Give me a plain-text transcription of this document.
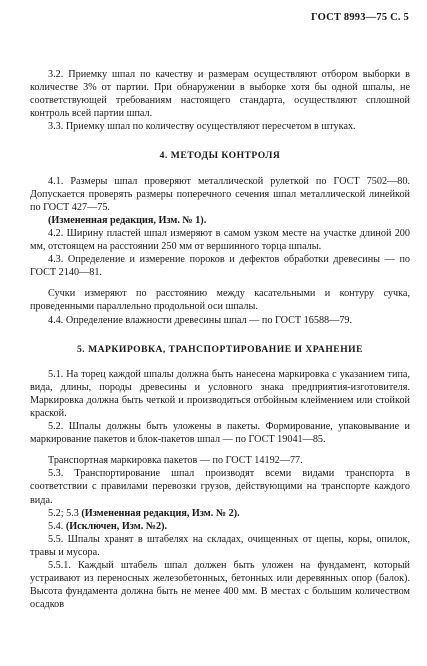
ГОСТ 8993—75 С. 5

3.2. Приемку шпал по качеству и размерам осуществляют отбором выборки в количестве 3% от партии. При обнаружении в выборке хотя бы одной шпалы, не соответствующей требованиям настоящего стандарта, осуществляют сплошной контроль всей партии шпал.

3.3. Приемку шпал по количеству осуществляют пересчетом в штуках.

4. МЕТОДЫ КОНТРОЛЯ

4.1. Размеры шпал проверяют металлической рулеткой по ГОСТ 7502—80. Допускается проверять размеры поперечного сечения шпал металлической линейкой по ГОСТ 427—75.

(Измененная редакция, Изм. № 1).

4.2. Ширину пластей шпал измеряют в самом узком месте на участке длиной 200 мм, отстоящем на расстоянии 250 мм от вершинного торца шпалы.

4.3. Определение и измерение пороков и дефектов обработки древесины — по ГОСТ 2140—81.

Сучки измеряют по расстоянию между касательными и контуру сучка, проведенными параллельно продольной оси шпалы.

4.4. Определение влажности древесины шпал — по ГОСТ 16588—79.

5. МАРКИРОВКА, ТРАНСПОРТИРОВАНИЕ И ХРАНЕНИЕ

5.1. На торец каждой шпалы должна быть нанесена маркировка с указанием типа, вида, длины, породы древесины и условного знака предприятия-изготовителя. Маркировка должна быть четкой и производиться отбойным клеймением или стойкой краской.

5.2. Шпалы должны быть уложены в пакеты. Формирование, упаковывание и маркирование пакетов и блок-пакетов шпал — по ГОСТ 19041—85.

Транспортная маркировка пакетов — по ГОСТ 14192—77.

5.3. Транспортирование шпал производят всеми видами транспорта в соответствии с правилами перевозки грузов, действующими на транспорте каждого вида.

5.2; 5.3 (Измененная редакция, Изм. № 2).

5.4. (Исключен, Изм. №2).

5.5. Шпалы хранят в штабелях на складах, очищенных от щепы, коры, опилок, травы и мусора.

5.5.1. Каждый штабель шпал должен быть уложен на фундамент, который устраивают из переносных железобетонных, бетонных или деревянных опор (балок). Высота фундамента должна быть не менее 400 мм. В местах с большим количеством осадков
